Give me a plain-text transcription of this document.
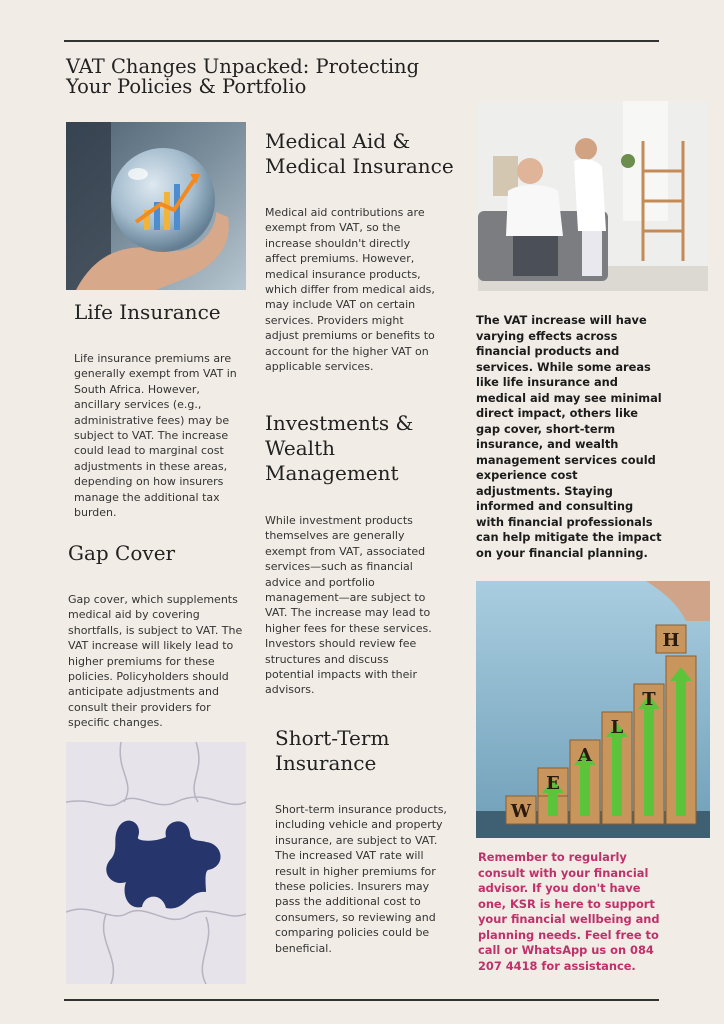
VAT Changes Unpacked: Protecting Your Policies & Portfolio
Life Insurance

Life insurance premiums are generally exempt from VAT in South Africa. However, ancillary services (e.g., administrative fees) may be subject to VAT. The increase could lead to marginal cost adjustments in these areas, depending on how insurers manage the additional tax burden.

Gap Cover

Gap cover, which supplements medical aid by covering shortfalls, is subject to VAT. The VAT increase will likely lead to higher premiums for these policies. Policyholders should anticipate adjustments and consult their providers for specific changes.

Medical Aid & Medical Insurance

Medical aid contributions are exempt from VAT, so the increase shouldn't directly affect premiums. However, medical insurance products, which differ from medical aids, may include VAT on certain services. Providers might adjust premiums or benefits to account for the higher VAT on applicable services.

Investments & Wealth Management

While investment products themselves are generally exempt from VAT, associated services—such as financial advice and portfolio management—are subject to VAT. The increase may lead to higher fees for these services. Investors should review fee structures and discuss potential impacts with their advisors.

Short-Term Insurance

Short-term insurance products, including vehicle and property insurance, are subject to VAT. The increased VAT rate will result in higher premiums for these policies. Insurers may pass the additional cost to consumers, so reviewing and comparing policies could be beneficial.

The VAT increase will have varying effects across financial products and services. While some areas like life insurance and medical aid may see minimal direct impact, others like gap cover, short-term insurance, and wealth management services could experience cost adjustments. Staying informed and consulting with financial professionals can help mitigate the impact on your financial planning.

W
E
A
L
T
H

Remember to regularly consult with your financial advisor. If you don't have one, KSR is here to support your financial wellbeing and planning needs. Feel free to call or WhatsApp us on 084 207 4418 for assistance.
